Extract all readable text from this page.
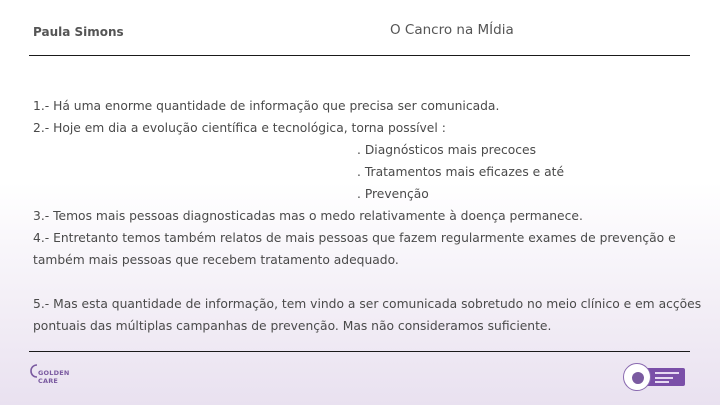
Paula Simons	O Cancro na MÍdia
1.- Há uma enorme quantidade de informação que precisa ser comunicada.
2.- Hoje em dia a evolução científica e tecnológica, torna possível :
. Diagnósticos mais precoces
. Tratamentos mais eficazes e até
. Prevenção
3.- Temos mais pessoas diagnosticadas mas o medo relativamente à doença permanece.
4.- Entretanto temos também relatos de mais pessoas que fazem regularmente exames de prevenção e
também mais pessoas que recebem tratamento adequado.
5.- Mas esta quantidade de informação, tem vindo a ser comunicada sobretudo no meio clínico e em acções
pontuais das múltiplas campanhas de prevenção. Mas não consideramos suficiente.
GOLDEN
CARE
